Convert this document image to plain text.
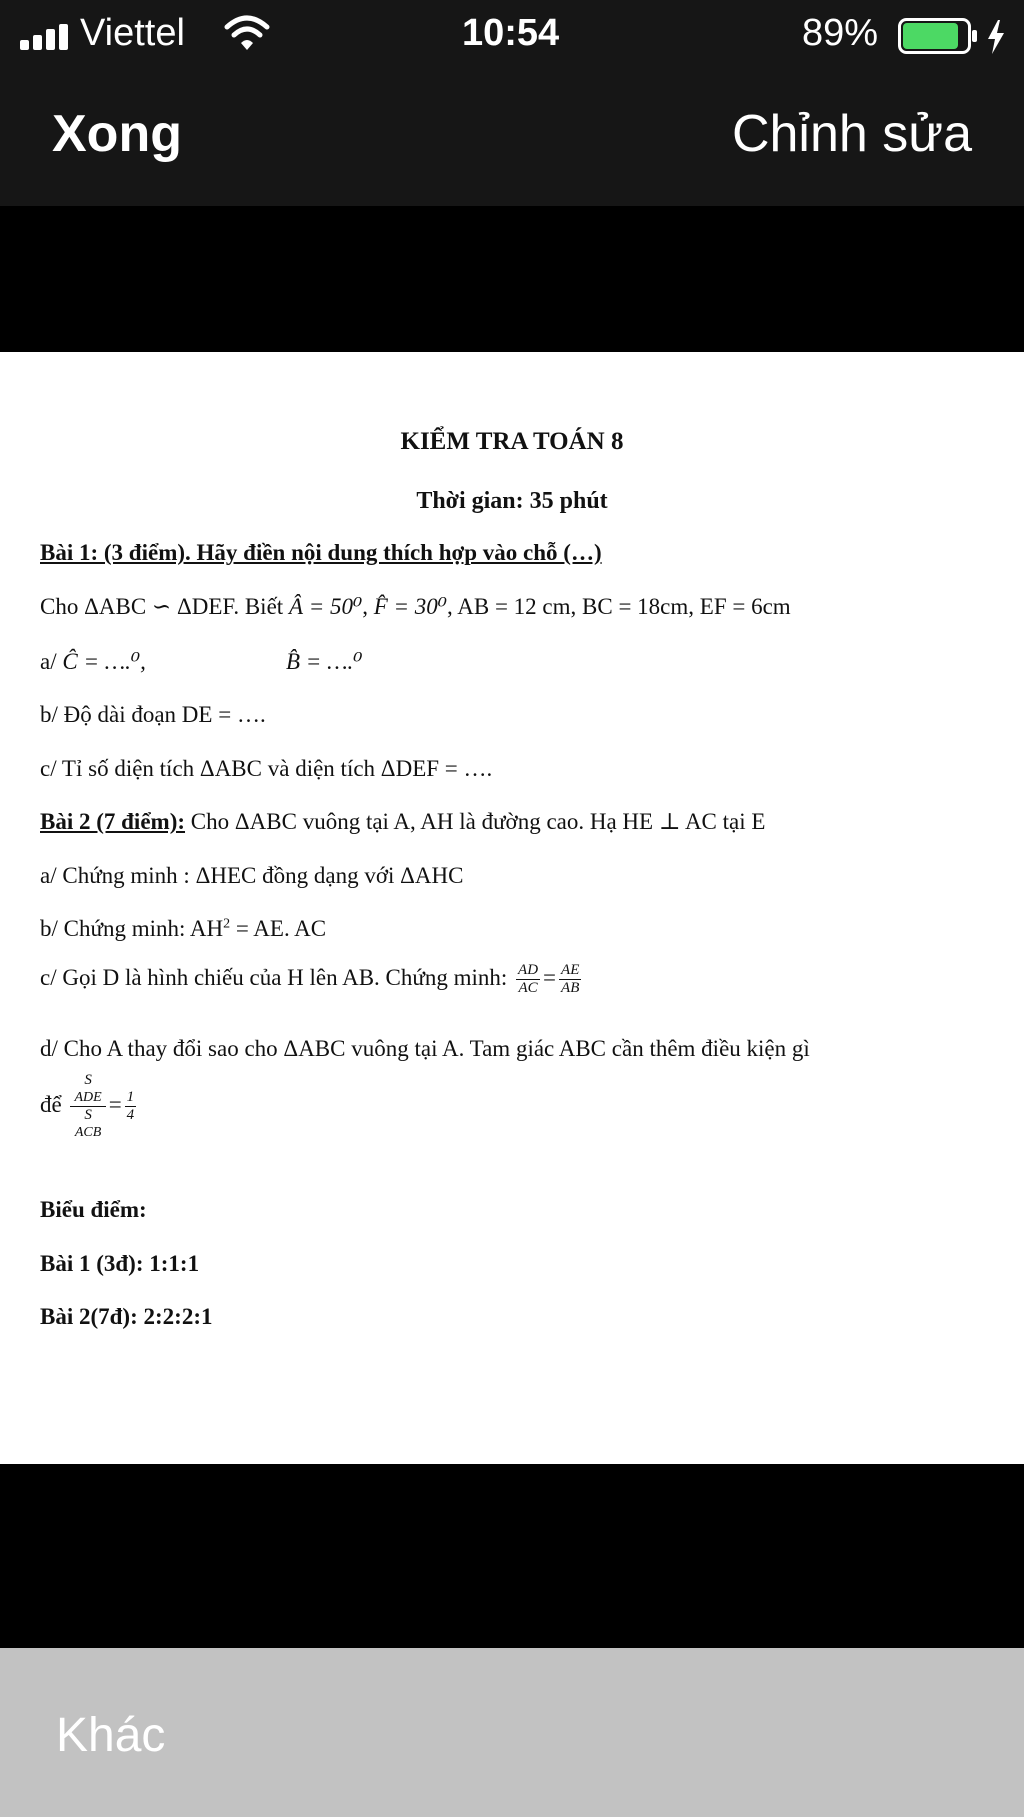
Viettel	10:54	89%
Xong	Chỉnh sửa
KIỂM TRA TOÁN 8
Thời gian: 35 phút
Bài 1: (3 điểm). Hãy điền nội dung thích hợp vào chỗ (…)
Cho ΔABC ∽ ΔDEF. Biết Â = 50⁰, F̂ = 30⁰, AB = 12 cm, BC = 18cm, EF = 6cm
a/ Ĉ = ….⁰,	B̂ = ….⁰
b/ Độ dài đoạn DE = ….
c/ Tỉ số diện tích ΔABC và diện tích ΔDEF = ….
Bài 2 (7 điểm): Cho ΔABC vuông tại A, AH là đường cao. Hạ HE ⊥ AC tại E
a/ Chứng minh : ΔHEC đồng dạng với ΔAHC
b/ Chứng minh: $AH^2$ = AE. AC
c/ Gọi D là hình chiếu của H lên AB. Chứng minh: $\frac{AD}{AC} = \frac{AE}{AB}$
d/ Cho A thay đổi sao cho ΔABC vuông tại A. Tam giác ABC cần thêm điều kiện gì
để S
ADE
S
ACB = $\frac{1}{4}$
Biểu điểm:
Bài 1 (3đ): 1:1:1
Bài 2(7đ): 2:2:2:1
Khác
